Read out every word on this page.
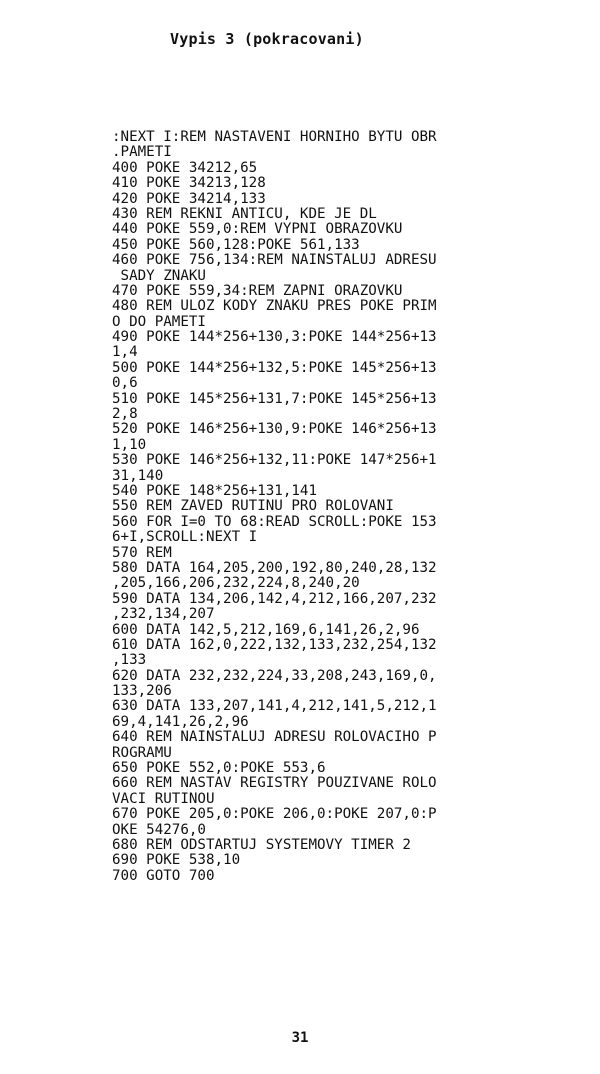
Vypis 3 (pokracovani)
:NEXT I:REM NASTAVENI HORNIHO BYTU OBR
.PAMETI
400 POKE 34212,65
410 POKE 34213,128
420 POKE 34214,133
430 REM REKNI ANTICU, KDE JE DL
440 POKE 559,0:REM VYPNI OBRAZOVKU
450 POKE 560,128:POKE 561,133
460 POKE 756,134:REM NAINSTALUJ ADRESU
SADY ZNAKU
470 POKE 559,34:REM ZAPNI ORAZOVKU
480 REM ULOZ KODY ZNAKU PRES POKE PRIM
O DO PAMETI
490 POKE 144*256+130,3:POKE 144*256+13
1,4
500 POKE 144*256+132,5:POKE 145*256+13
0,6
510 POKE 145*256+131,7:POKE 145*256+13
2,8
520 POKE 146*256+130,9:POKE 146*256+13
1,10
530 POKE 146*256+132,11:POKE 147*256+1
31,140
540 POKE 148*256+131,141
550 REM ZAVED RUTINU PRO ROLOVANI
560 FOR I=0 TO 68:READ SCROLL:POKE 153
6+I,SCROLL:NEXT I
570 REM
580 DATA 164,205,200,192,80,240,28,132
,205,166,206,232,224,8,240,20
590 DATA 134,206,142,4,212,166,207,232
,232,134,207
600 DATA 142,5,212,169,6,141,26,2,96
610 DATA 162,0,222,132,133,232,254,132
,133
620 DATA 232,232,224,33,208,243,169,0,
133,206
630 DATA 133,207,141,4,212,141,5,212,1
69,4,141,26,2,96
640 REM NAINSTALUJ ADRESU ROLOVACIHO P
ROGRAMU
650 POKE 552,0:POKE 553,6
660 REM NASTAV REGISTRY POUZIVANE ROLO
VACI RUTINOU
670 POKE 205,0:POKE 206,0:POKE 207,0:P
OKE 54276,0
680 REM ODSTARTUJ SYSTEMOVY TIMER 2
690 POKE 538,10
700 GOTO 700
31
